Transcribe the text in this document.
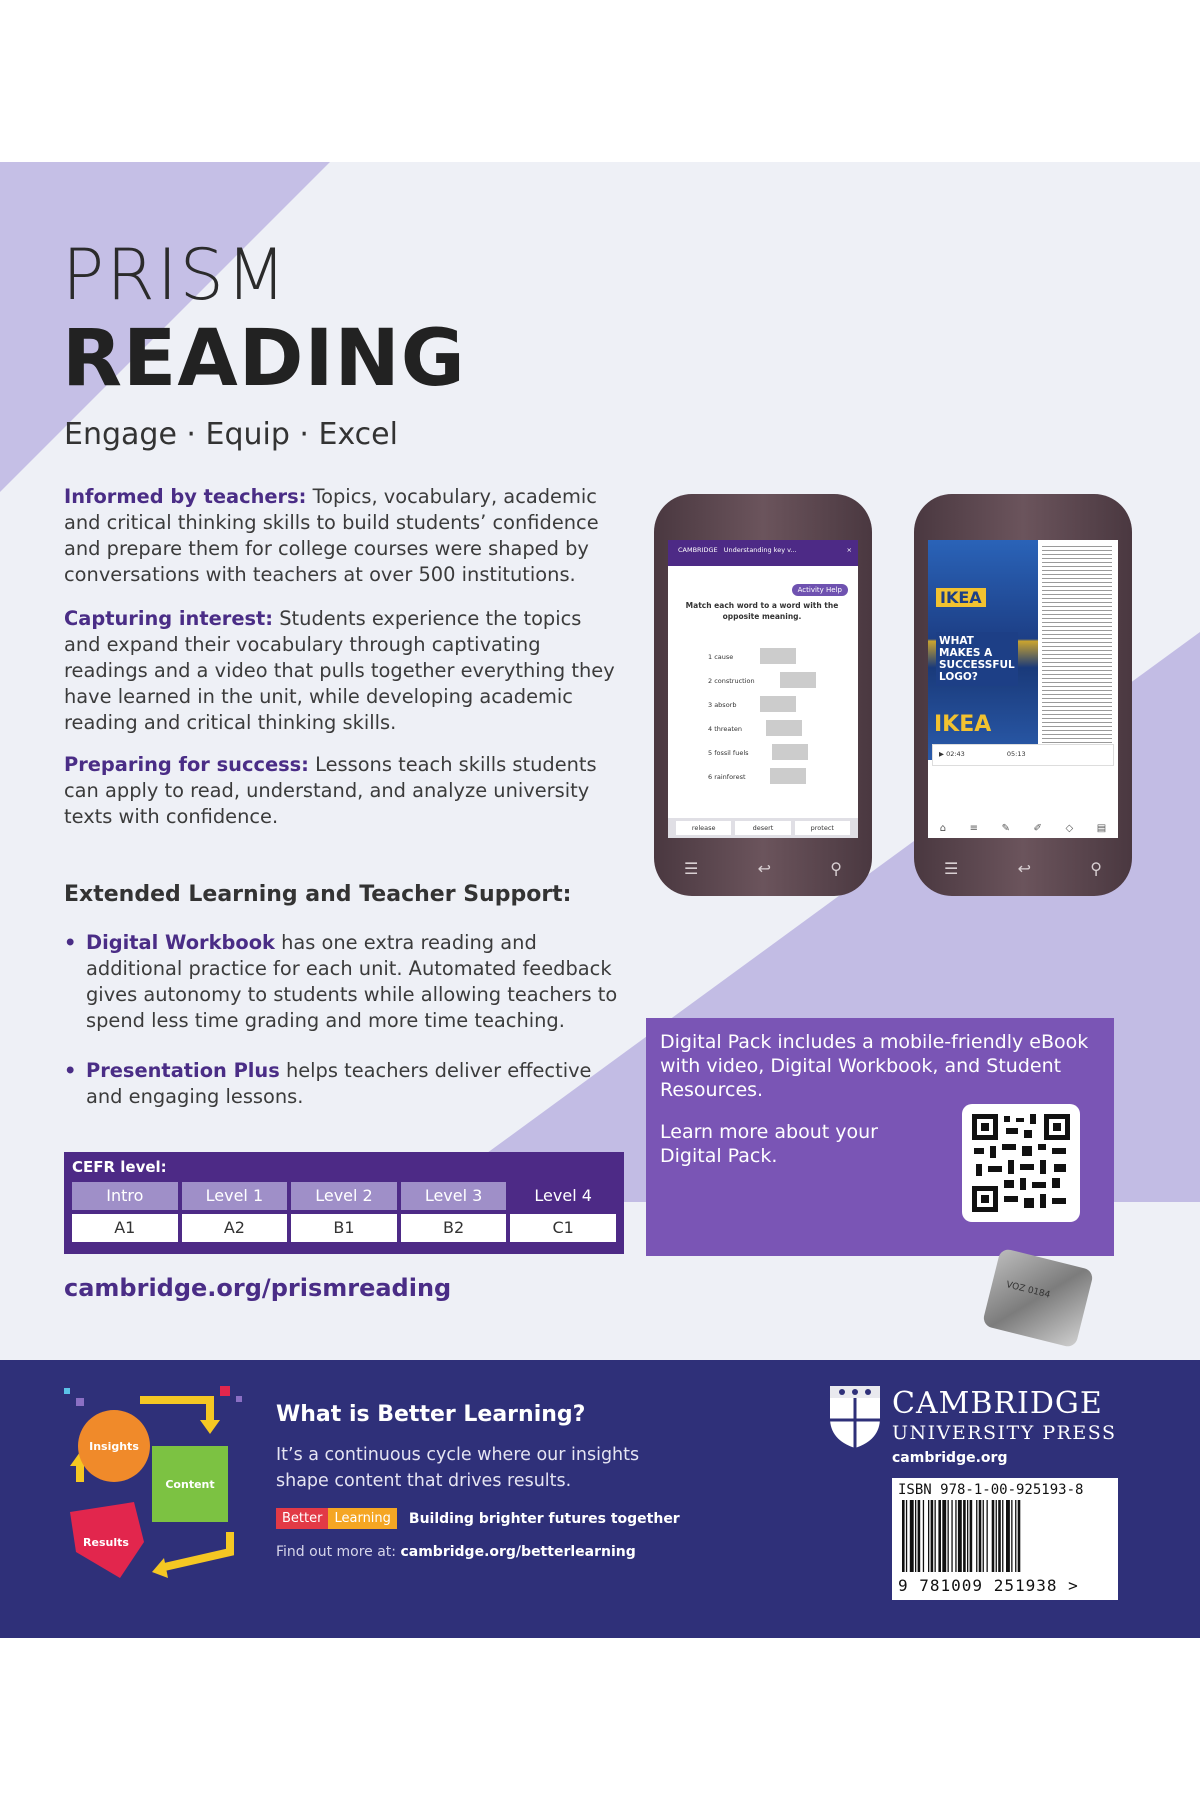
PRISM
READING
Engage · Equip · Excel
Informed by teachers: Topics, vocabulary, academic and critical thinking skills to build students’ confidence and prepare them for college courses were shaped by conversations with teachers at over 500 institutions.
Capturing interest: Students experience the topics and expand their vocabulary through captivating readings and a video that pulls together everything they have learned in the unit, while developing academic reading and critical thinking skills.
Preparing for success: Lessons teach skills students can apply to read, understand, and analyze university texts with confidence.
Extended Learning and Teacher Support:
• Digital Workbook has one extra reading and additional practice for each unit. Automated feedback gives autonomy to students while allowing teachers to spend less time grading and more time teaching.
• Presentation Plus helps teachers deliver effective and engaging lessons.
CEFR level:
Intro	Level 1	Level 2	Level 3	Level 4
A1	A2	B1	B2	C1
cambridge.org/prismreading
CAMBRIDGE Understanding key v...	×
Activity Help
Match each word to a word with the opposite meaning.
1 cause
2 construction
3 absorb
4 threaten
5 fossil fuels
6 rainforest
release	desert	protect
☰	↩	⚲
IKEA
IKEA
WHAT MAKES A SUCCESSFUL LOGO?
▶ 02:43	05:13
⌂ ≡ ✎ ✐ ◇ ▤
☰	↩	⚲
Digital Pack includes a mobile-friendly eBook with video, Digital Workbook, and Student Resources.
Learn more about your Digital Pack.
VOZ 0184
Insights
Content
Results
What is Better Learning?
It’s a continuous cycle where our insights shape content that drives results.
Better Learning	Building brighter futures together
Find out more at: cambridge.org/betterlearning
CAMBRIDGE
UNIVERSITY PRESS
cambridge.org
ISBN 978-1-00-925193-8
9 781009 251938 >
